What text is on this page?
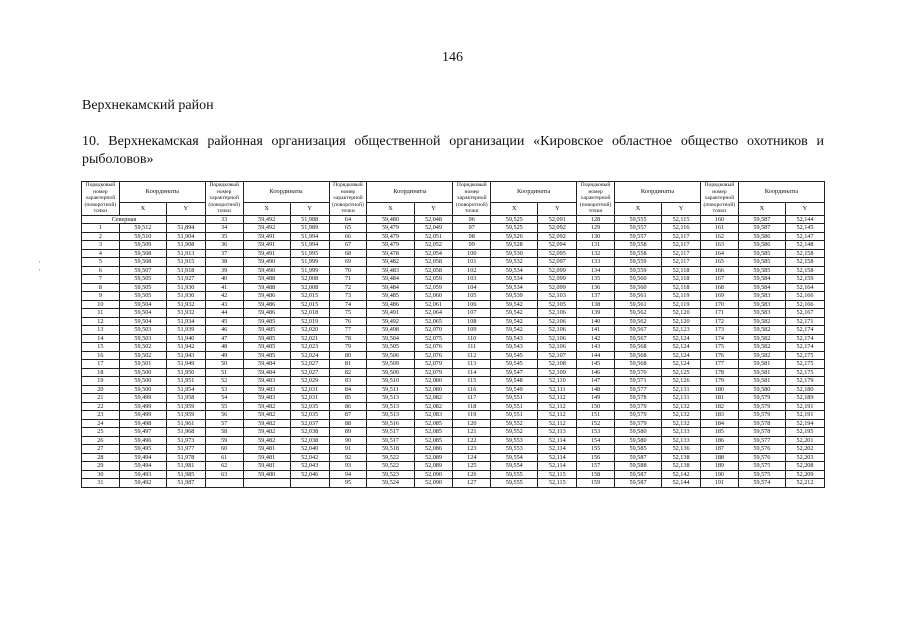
146
Верхнекамский район
10. Верхнекамская районная организация общественной организации «Кировское областное общество охотников и рыболовов»
·
·
Порядковый номер характерной (поворотной) точки	Координаты		Порядковый номер характерной (поворотной) точки	Координаты		Порядковый номер характерной (поворотной) точки	Координаты		Порядковый номер характерной (поворотной) точки	Координаты		Порядковый номер характерной (поворотной) точки	Координаты		Порядковый номер характерной (поворотной) точки	Координаты	
	X	Y		X	Y		X	Y		X	Y		X	Y		X	Y
Северная			33	59,492	51,988	64	59,480	52,048	96	59,525	52,091	128	59,555	52,115	160	59,587	52,144
1	59,512	51,894	34	59,492	51,989	65	59,479	52,049	97	59,525	52,092	129	59,557	52,116	161	59,587	52,145
2	59,510	51,904	35	59,491	51,994	66	59,479	52,051	98	59,526	52,092	130	59,557	52,117	162	59,586	52,147
3	59,509	51,908	36	59,491	51,994	67	59,479	52,052	99	59,528	52,094	131	59,558	52,117	163	59,586	52,148
4	59,508	51,913	37	59,491	51,995	68	59,478	52,054	100	59,530	52,095	132	59,558	52,117	164	59,585	52,158
5	59,508	51,915	38	59,490	51,999	69	59,482	52,058	101	59,532	52,097	133	59,559	52,117	165	59,585	52,158
6	59,507	51,918	39	59,490	51,999	70	59,483	52,058	102	59,534	52,099	134	59,559	52,118	166	59,585	52,158
7	59,505	51,927	40	59,488	52,008	71	59,484	52,059	103	59,534	52,099	135	59,560	52,118	167	59,584	52,159
8	59,505	51,930	41	59,488	52,008	72	59,484	52,059	104	59,534	52,099	136	59,560	52,118	168	59,584	52,164
9	59,505	51,930	42	59,486	52,015	73	59,485	52,060	105	59,539	52,103	137	59,561	52,119	169	59,583	52,166
10	59,504	51,932	43	59,486	52,015	74	59,486	52,061	106	59,542	52,105	138	59,561	52,119	170	59,583	52,166
11	59,504	51,932	44	59,486	52,018	75	59,491	52,064	107	59,542	52,106	139	59,562	52,120	171	59,583	52,167
12	59,504	51,934	45	59,485	52,019	76	59,492	52,065	108	59,542	52,106	140	59,562	52,120	172	59,582	52,171
13	59,503	51,939	46	59,485	52,020	77	59,498	52,070	109	59,542	52,106	141	59,567	52,123	173	59,582	52,174
14	59,503	51,940	47	59,485	52,021	78	59,504	52,075	110	59,543	52,106	142	59,567	52,124	174	59,582	52,174
15	59,502	51,942	48	59,485	52,023	79	59,505	52,076	111	59,543	52,106	143	59,568	52,124	175	59,582	52,174
16	59,502	51,943	49	59,485	52,024	80	59,506	52,076	112	59,545	52,107	144	59,568	52,124	176	59,582	52,175
17	59,501	51,949	50	59,484	52,027	81	59,509	52,079	113	59,545	52,108	145	59,568	52,124	177	59,581	52,175
18	59,500	51,950	51	59,484	52,027	82	59,509	52,079	114	59,547	52,109	146	59,570	52,125	178	59,581	52,175
19	59,500	51,951	52	59,483	52,029	83	59,510	52,080	115	59,548	52,110	147	59,571	52,126	179	59,581	52,179
20	59,500	51,954	53	59,483	52,031	84	59,511	52,080	116	59,549	52,111	148	59,577	52,131	180	59,580	52,180
21	59,499	51,958	54	59,483	52,031	85	59,513	52,082	117	59,551	52,112	149	59,578	52,131	181	59,579	52,189
22	59,499	51,959	55	59,482	52,035	86	59,513	52,082	118	59,551	52,112	150	59,579	52,132	182	59,579	52,191
23	59,499	51,959	56	59,482	52,035	87	59,513	52,083	119	59,551	52,112	151	59,579	52,132	183	59,579	52,191
24	59,498	51,961	57	59,482	52,037	88	59,516	52,085	120	59,552	52,112	152	59,579	52,132	184	59,578	52,194
25	59,497	51,968	58	59,482	52,038	89	59,517	52,085	121	59,552	52,113	153	59,580	52,133	185	59,578	52,195
26	59,496	51,973	59	59,482	52,038	90	59,517	52,085	122	59,553	52,114	154	59,580	52,133	186	59,577	52,201
27	59,495	51,977	60	59,481	52,040	91	59,518	52,086	123	59,553	52,114	155	59,585	52,136	187	59,576	52,202
28	59,494	51,978	61	59,481	52,042	92	59,522	52,089	124	59,554	52,114	156	59,587	52,138	188	59,576	52,203
29	59,494	51,981	62	59,481	52,043	93	59,522	52,089	125	59,554	52,114	157	59,588	52,138	189	59,575	52,208
30	59,493	51,985	63	59,480	52,046	94	59,523	52,090	126	59,555	52,115	158	59,587	52,142	190	59,575	52,209
31	59,492	51,987				95	59,524	52,090	127	59,555	52,115	159	59,587	52,144	191	59,574	52,212
